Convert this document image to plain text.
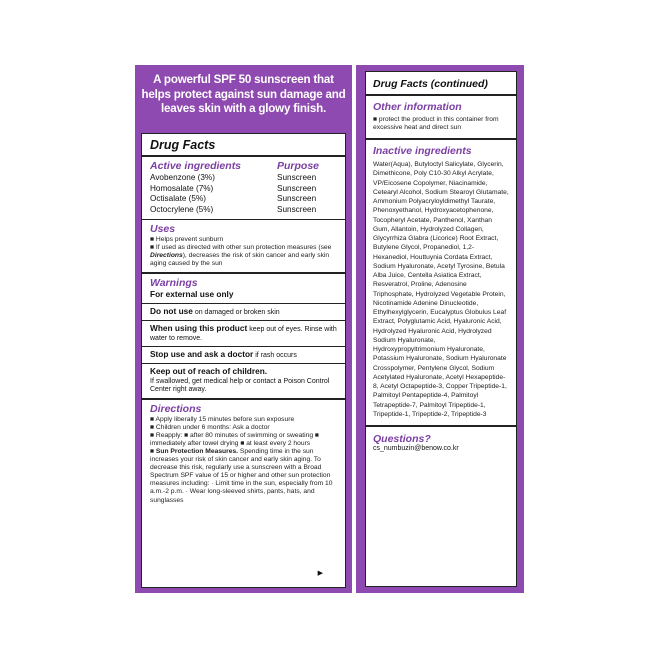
A powerful SPF 50 sunscreen that helps protect against sun damage and leaves skin with a glowy finish.
Drug Facts
Active ingredients	Purpose
Avobenzone (3%)	Sunscreen
Homosalate (7%)	Sunscreen
Octisalate (5%)	Sunscreen
Octocrylene (5%)	Sunscreen
Uses
■ Helps prevent sunburn
■ If used as directed with other sun protection measures (see Directions), decreases the risk of skin cancer and early skin aging caused by the sun
Warnings
For external use only
Do not use on damaged or broken skin
When using this product keep out of eyes. Rinse with water to remove.
Stop use and ask a doctor if rash occurs
Keep out of reach of children.
If swallowed, get medical help or contact a Poison Control Center right away.
Directions
■ Apply liberally 15 minutes before sun exposure
■ Children under 6 months: Ask a doctor
■ Reapply: ■ after 80 minutes of swimming or sweating ■ immediately after towel drying ■ at least every 2 hours
■ Sun Protection Measures. Spending time in the sun increases your risk of skin cancer and early skin aging. To decrease this risk, regularly use a sunscreen with a Broad Spectrum SPF value of 15 or higher and other sun protection measures including: · Limit time in the sun, especially from 10 a.m.-2 p.m. · Wear long-sleeved shirts, pants, hats, and sunglasses
▶
Drug Facts (continued)
Other information
■ protect the product in this container from excessive heat and direct sun
Inactive ingredients
Water(Aqua), Butyloctyl Salicylate, Glycerin, Dimethicone, Poly C10-30 Alkyl Acrylate, VP/Eicosene Copolymer, Niacinamide, Cetearyl Alcohol, Sodium Stearoyl Glutamate, Ammonium Polyacryloyldimethyl Taurate, Phenoxyethanol, Hydroxyacetophenone, Tocopheryl Acetate, Panthenol, Xanthan Gum, Allantoin, Hydrolyzed Collagen, Glycyrrhiza Glabra (Licorice) Root Extract, Butylene Glycol, Propanediol, 1,2-Hexanediol, Houttuynia Cordata Extract, Sodium Hyaluronate, Acetyl Tyrosine, Betula Alba Juice, Centella Asiatica Extract, Resveratrol, Proline, Adenosine Triphosphate, Hydrolyzed Vegetable Protein, Nicotinamide Adenine Dinucleotide, Ethylhexylglycerin, Eucalyptus Globulus Leaf Extract, Polyglutamic Acid, Hyaluronic Acid, Hydrolyzed Hyaluronic Acid, Hydrolyzed Sodium Hyaluronate, Hydroxypropyltrimonium Hyaluronate, Potassium Hyaluronate, Sodium Hyaluronate Crosspolymer, Pentylene Glycol, Sodium Acetylated Hyaluronate, Acetyl Hexapeptide-8, Acetyl Octapeptide-3, Copper Tripeptide-1, Palmitoyl Pentapeptide-4, Palmitoyl Tetrapeptide-7, Palmitoyl Tripeptide-1, Tripeptide-1, Tripeptide-2, Tripeptide-3
Questions?
cs_numbuzin@benow.co.kr
